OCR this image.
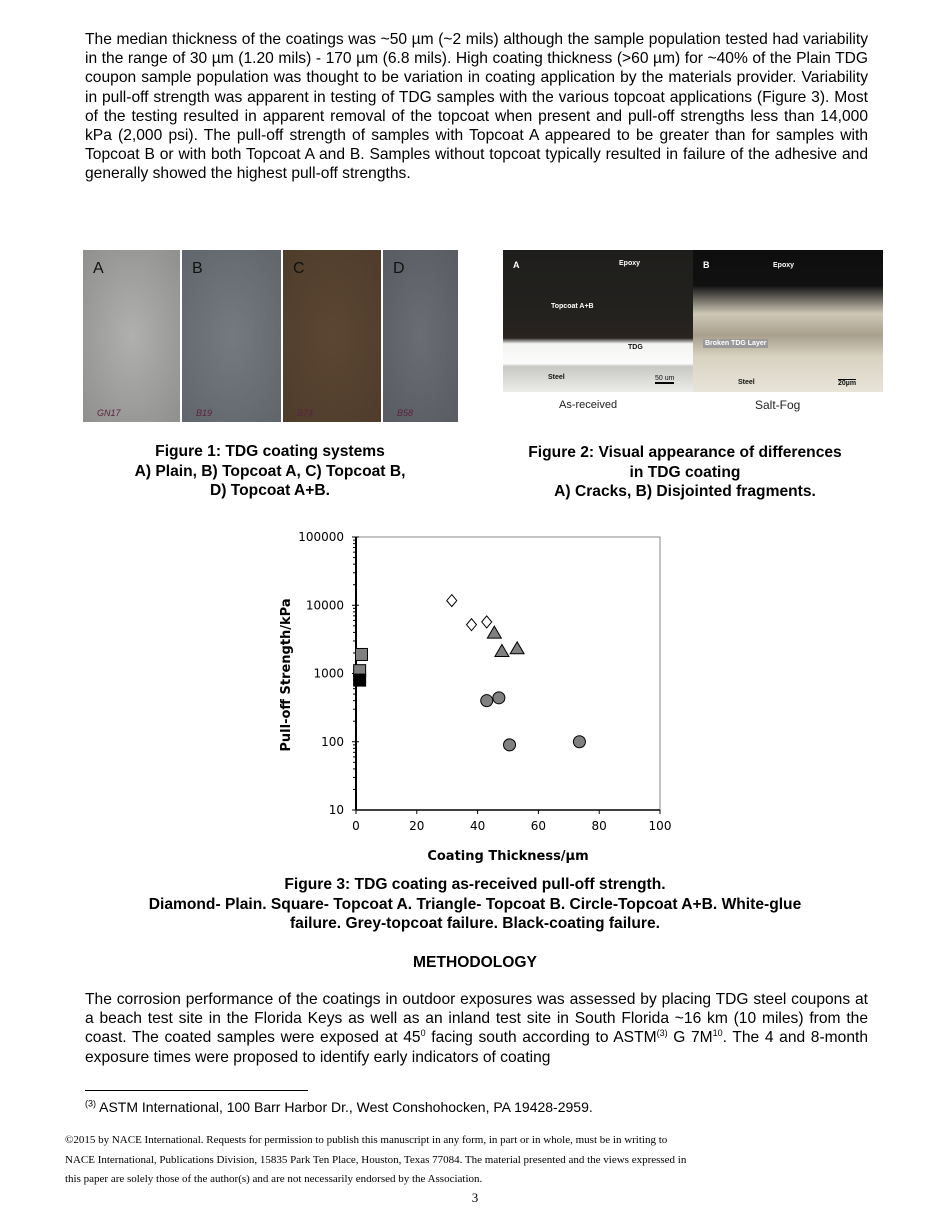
The median thickness of the coatings was ~50 µm (~2 mils) although the sample population tested had variability in the range of 30 µm (1.20 mils) - 170 µm (6.8 mils). High coating thickness (>60 µm) for ~40% of the Plain TDG coupon sample population was thought to be variation in coating application by the materials provider. Variability in pull-off strength was apparent in testing of TDG samples with the various topcoat applications (Figure 3). Most of the testing resulted in apparent removal of the topcoat when present and pull-off strengths less than 14,000 kPa (2,000 psi). The pull-off strength of samples with Topcoat A appeared to be greater than for samples with Topcoat B or with both Topcoat A and B. Samples without topcoat typically resulted in failure of the adhesive and generally showed the highest pull-off strengths.
A
GN17
B
B19
C
B74
D
B58
Figure 1: TDG coating systems
A) Plain, B) Topcoat A, C) Topcoat B,
D) Topcoat A+B.
A	Epoxy
Topcoat A+B
TDG
Steel	50 um
B	Epoxy
Broken TDG Layer
Steel	20µm
As-received	Salt-Fog
Figure 2: Visual appearance of differences
in TDG coating
A) Cracks, B) Disjointed fragments.
10
100
1000
10000
100000
0	20	40	60	80	100
Coating Thickness/µm
Pull-off Strength/kPa
Figure 3: TDG coating as-received pull-off strength.
Diamond- Plain. Square- Topcoat A. Triangle- Topcoat B. Circle-Topcoat A+B. White-glue
failure. Grey-topcoat failure. Black-coating failure.
METHODOLOGY
The corrosion performance of the coatings in outdoor exposures was assessed by placing TDG steel coupons at a beach test site in the Florida Keys as well as an inland test site in South Florida ~16 km (10 miles) from the coast. The coated samples were exposed at $45^0$ facing south according to ASTM$^{(3)}$ G $7M^{10}$. The 4 and 8-month exposure times were proposed to identify early indicators of coating
$^{(3)}$ ASTM International, 100 Barr Harbor Dr., West Conshohocken, PA 19428-2959.
©2015 by NACE International. Requests for permission to publish this manuscript in any form, in part or in whole, must be in writing to
NACE International, Publications Division, 15835 Park Ten Place, Houston, Texas 77084. The material presented and the views expressed in
this paper are solely those of the author(s) and are not necessarily endorsed by the Association.
3
